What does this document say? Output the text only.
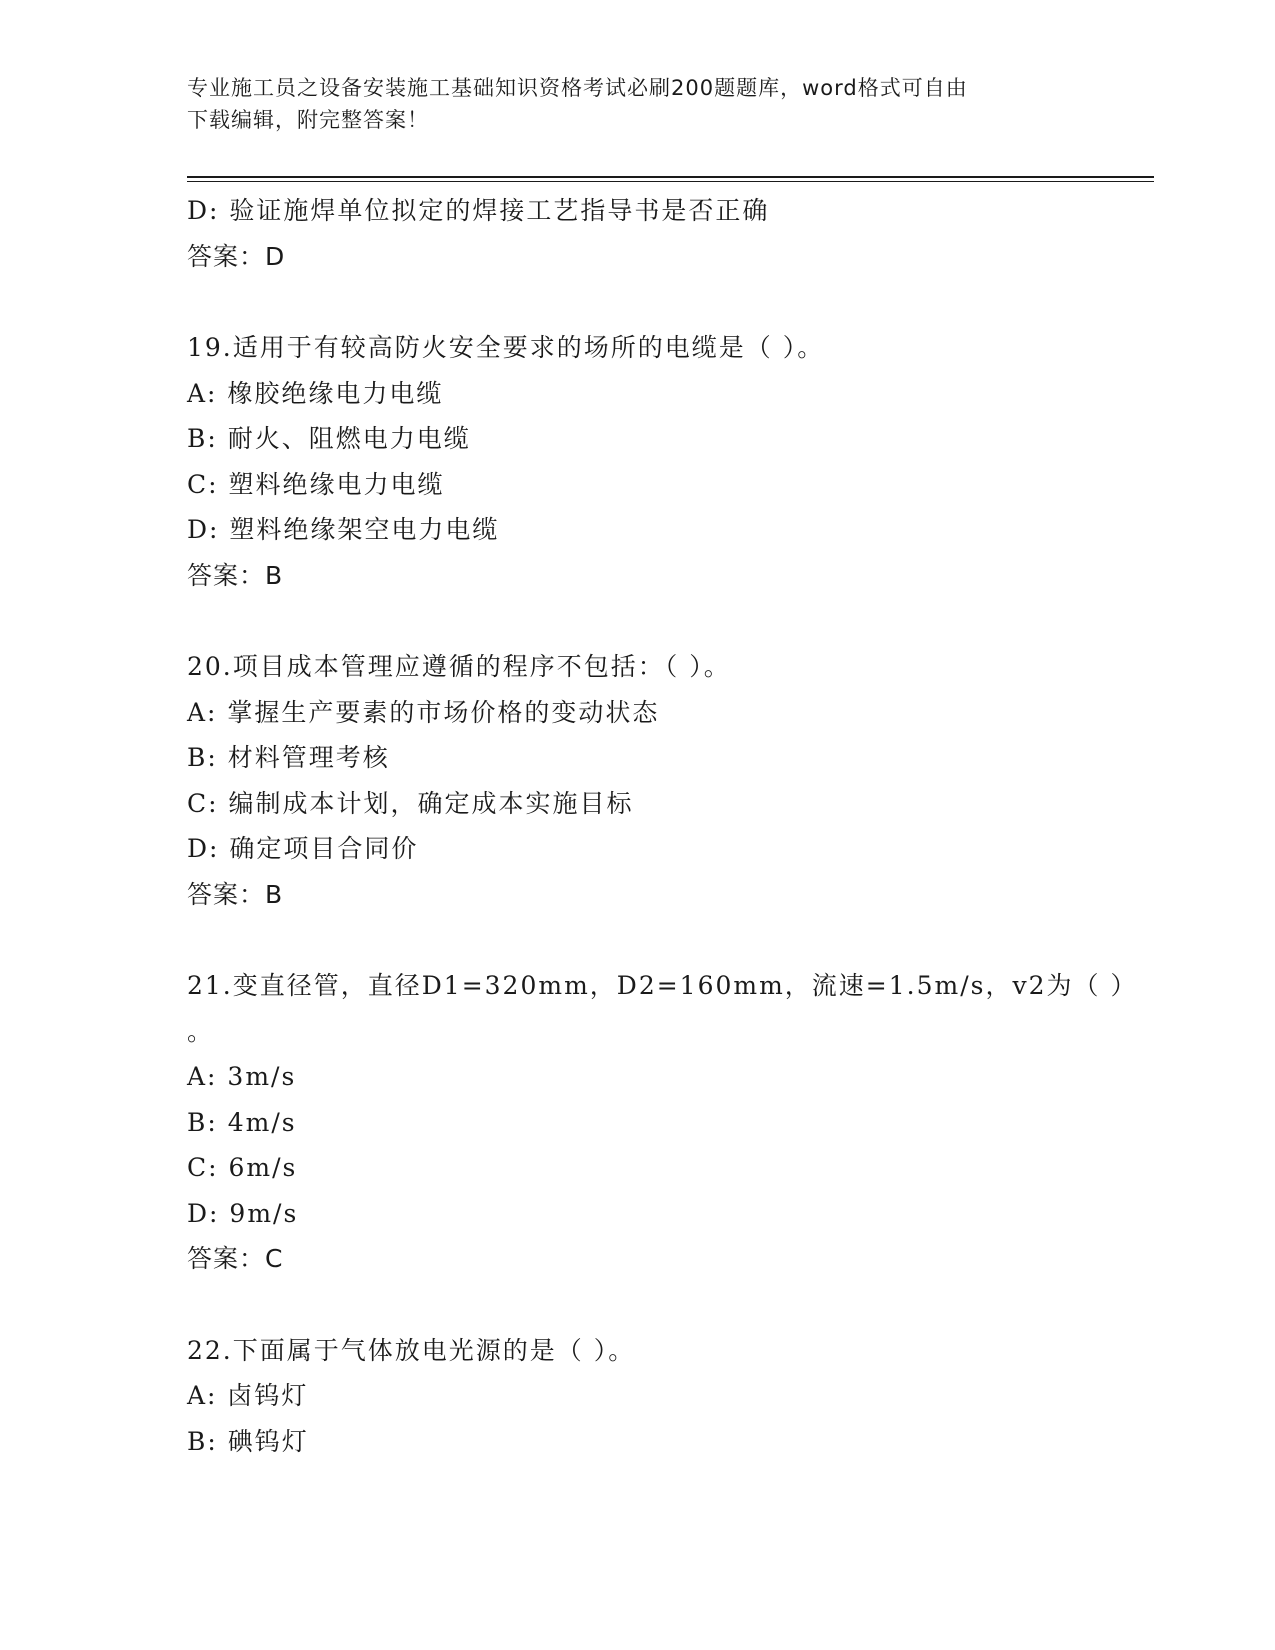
专业施工员之设备安装施工基础知识资格考试必刷200题题库，word格式可自由
下载编辑，附完整答案！
D: 验证施焊单位拟定的焊接工艺指导书是否正确
答案：D
19.适用于有较高防火安全要求的场所的电缆是（ ）。
A: 橡胶绝缘电力电缆
B: 耐火、阻燃电力电缆
C: 塑料绝缘电力电缆
D: 塑料绝缘架空电力电缆
答案：B
20.项目成本管理应遵循的程序不包括：（ ）。
A: 掌握生产要素的市场价格的变动状态
B: 材料管理考核
C: 编制成本计划，确定成本实施目标
D: 确定项目合同价
答案：B
21.变直径管，直径D1=320mm，D2=160mm，流速=1.5m/s，v2为（ ）
。
A: 3m/s
B: 4m/s
C: 6m/s
D: 9m/s
答案：C
22.下面属于气体放电光源的是（ ）。
A: 卤钨灯
B: 碘钨灯
